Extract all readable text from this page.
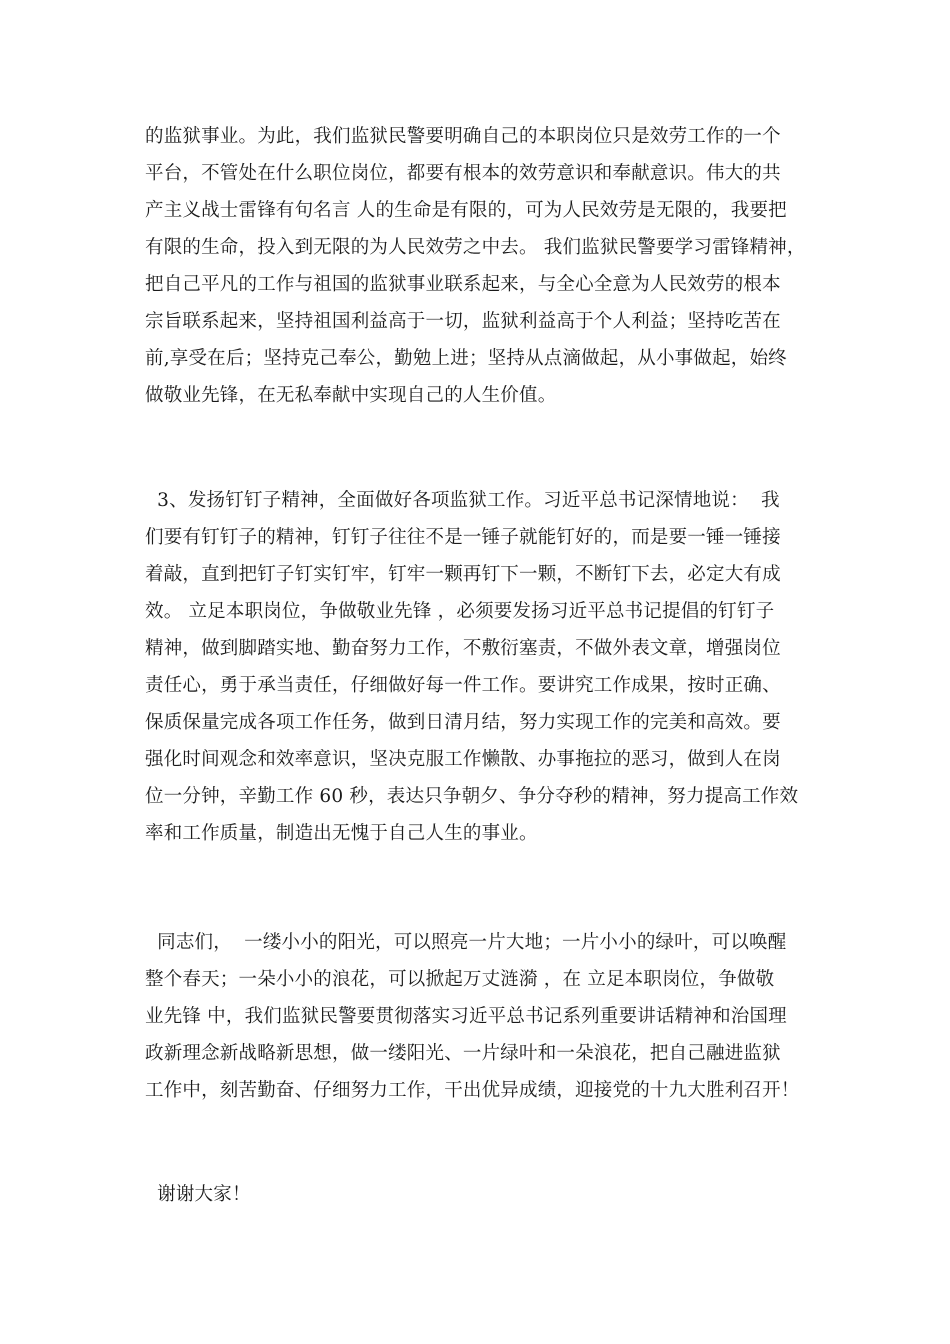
的监狱事业。为此，我们监狱民警要明确自己的本职岗位只是效劳工作的一个
平台，不管处在什么职位岗位，都要有根本的效劳意识和奉献意识。伟大的共
产主义战士雷锋有句名言 人的生命是有限的，可为人民效劳是无限的，我要把
有限的生命，投入到无限的为人民效劳之中去。 我们监狱民警要学习雷锋精神，
把自己平凡的工作与祖国的监狱事业联系起来，与全心全意为人民效劳的根本
宗旨联系起来，坚持祖国利益高于一切，监狱利益高于个人利益；坚持吃苦在
前,享受在后；坚持克己奉公，勤勉上进；坚持从点滴做起，从小事做起，始终
做敬业先锋，在无私奉献中实现自己的人生价值。
3、发扬钉钉子精神，全面做好各项监狱工作。习近平总书记深情地说：  我
们要有钉钉子的精神，钉钉子往往不是一锤子就能钉好的，而是要一锤一锤接
着敲，直到把钉子钉实钉牢，钉牢一颗再钉下一颗，不断钉下去，必定大有成
效。 立足本职岗位，争做敬业先锋 ，必须要发扬习近平总书记提倡的钉钉子
精神，做到脚踏实地、勤奋努力工作，不敷衍塞责，不做外表文章，增强岗位
责任心，勇于承当责任，仔细做好每一件工作。要讲究工作成果，按时正确、
保质保量完成各项工作任务，做到日清月结，努力实现工作的完美和高效。要
强化时间观念和效率意识，坚决克服工作懒散、办事拖拉的恶习，做到人在岗
位一分钟，辛勤工作 60 秒，表达只争朝夕、争分夺秒的精神，努力提高工作效
率和工作质量，制造出无愧于自己人生的事业。
同志们，  一缕小小的阳光，可以照亮一片大地；一片小小的绿叶，可以唤醒
整个春天；一朵小小的浪花，可以掀起万丈涟漪 ，在 立足本职岗位，争做敬
业先锋 中，我们监狱民警要贯彻落实习近平总书记系列重要讲话精神和治国理
政新理念新战略新思想，做一缕阳光、一片绿叶和一朵浪花，把自己融进监狱
工作中，刻苦勤奋、仔细努力工作，干出优异成绩，迎接党的十九大胜利召开！
谢谢大家！
